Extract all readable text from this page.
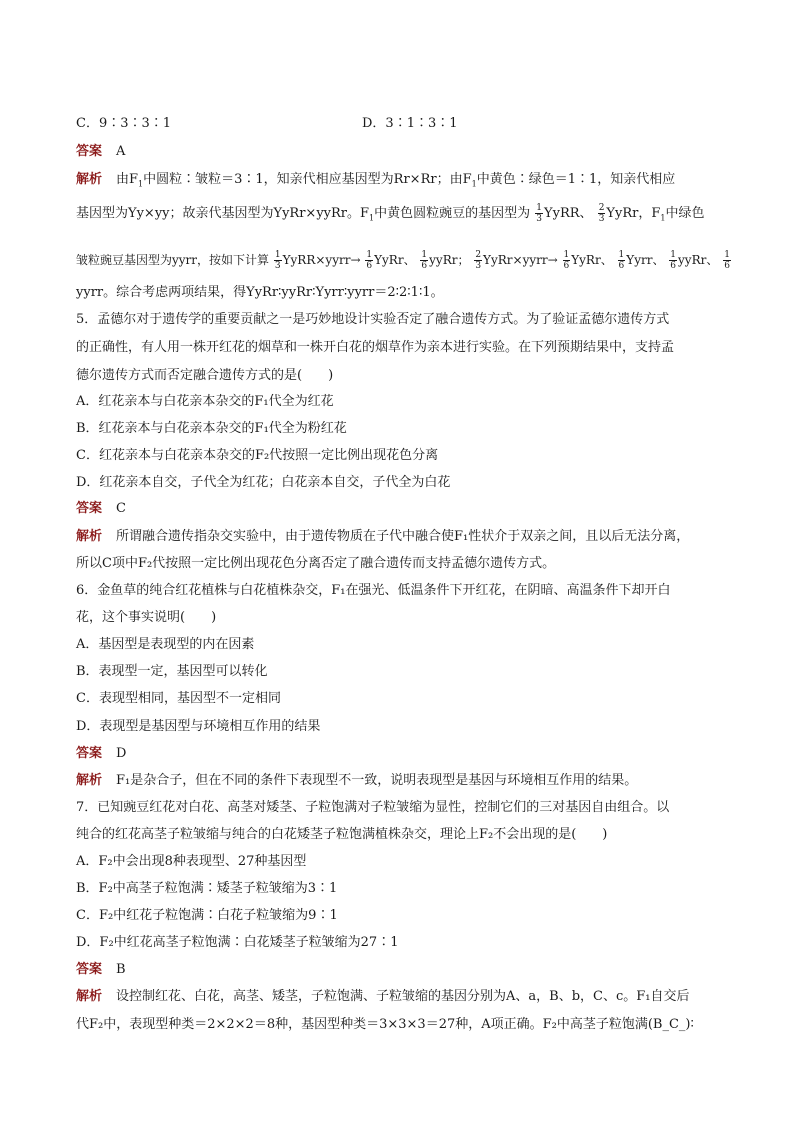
C．9∶3∶3∶1	D．3∶1∶3∶1
答案 A
解析 由$F_1$中圆粒∶皱粒＝3∶1，知亲代相应基因型为Rr×Rr；由$F_1$中黄色∶绿色＝1∶1，知亲代相应
基因型为Yy×yy；故亲代基因型为YyRr×yyRr。$F_1$中黄色圆粒豌豆的基因型为 $\frac{1}{3}$ YyRR、 $\frac{2}{3}$ YyRr，$F_1$中绿色
皱粒豌豆基因型为yyrr，按如下计算 $\frac{1}{3}$ YyRR×yyrr→ $\frac{1}{6}$ YyRr、 $\frac{1}{6}$ yyRr； $\frac{2}{3}$ YyRr×yyrr→ $\frac{1}{6}$ YyRr、 $\frac{1}{6}$ Yyrr、 $\frac{1}{6}$ yyRr、 $\frac{1}{6}$
yyrr。综合考虑两项结果，得YyRr∶yyRr∶Yyrr∶yyrr＝2∶2∶1∶1。
5．孟德尔对于遗传学的重要贡献之一是巧妙地设计实验否定了融合遗传方式。为了验证孟德尔遗传方式
的正确性，有人用一株开红花的烟草和一株开白花的烟草作为亲本进行实验。在下列预期结果中，支持孟
德尔遗传方式而否定融合遗传方式的是(　　)
A．红花亲本与白花亲本杂交的F₁代全为红花
B．红花亲本与白花亲本杂交的F₁代全为粉红花
C．红花亲本与白花亲本杂交的F₂代按照一定比例出现花色分离
D．红花亲本自交，子代全为红花；白花亲本自交，子代全为白花
答案 C
解析 所谓融合遗传指杂交实验中，由于遗传物质在子代中融合使F₁性状介于双亲之间，且以后无法分离，
所以C项中F₂代按照一定比例出现花色分离否定了融合遗传而支持孟德尔遗传方式。
6．金鱼草的纯合红花植株与白花植株杂交，F₁在强光、低温条件下开红花，在阴暗、高温条件下却开白
花，这个事实说明(　　)
A．基因型是表现型的内在因素
B．表现型一定，基因型可以转化
C．表现型相同，基因型不一定相同
D．表现型是基因型与环境相互作用的结果
答案 D
解析 F₁是杂合子，但在不同的条件下表现型不一致，说明表现型是基因与环境相互作用的结果。
7．已知豌豆红花对白花、高茎对矮茎、子粒饱满对子粒皱缩为显性，控制它们的三对基因自由组合。以
纯合的红花高茎子粒皱缩与纯合的白花矮茎子粒饱满植株杂交，理论上F₂不会出现的是(　　)
A．F₂中会出现8种表现型、27种基因型
B．F₂中高茎子粒饱满∶矮茎子粒皱缩为3∶1
C．F₂中红花子粒饱满∶白花子粒皱缩为9∶1
D．F₂中红花高茎子粒饱满∶白花矮茎子粒皱缩为27∶1
答案 B
解析 设控制红花、白花，高茎、矮茎，子粒饱满、子粒皱缩的基因分别为A、a，B、b，C、c。F₁自交后
代F₂中，表现型种类＝2×2×2＝8种，基因型种类＝3×3×3＝27种，A项正确。F₂中高茎子粒饱满(B_C_)∶
